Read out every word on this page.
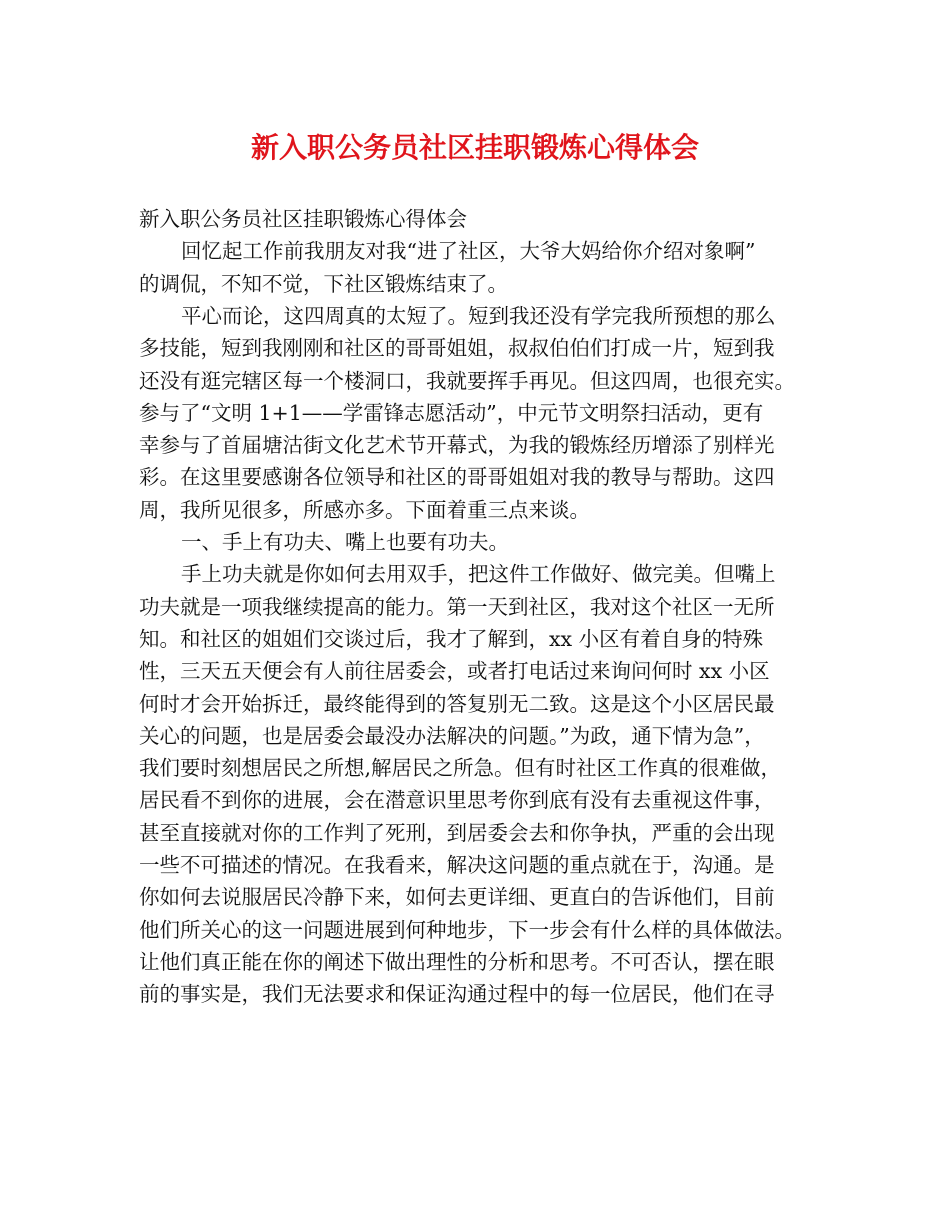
新入职公务员社区挂职锻炼心得体会
新入职公务员社区挂职锻炼心得体会
回忆起工作前我朋友对我“进了社区，大爷大妈给你介绍对象啊”
的调侃，不知不觉，下社区锻炼结束了。
平心而论，这四周真的太短了。短到我还没有学完我所预想的那么
多技能，短到我刚刚和社区的哥哥姐姐，叔叔伯伯们打成一片，短到我
还没有逛完辖区每一个楼洞口，我就要挥手再见。但这四周，也很充实。
参与了“文明 1+1——学雷锋志愿活动”，中元节文明祭扫活动，更有
幸参与了首届塘沽街文化艺术节开幕式，为我的锻炼经历增添了别样光
彩。在这里要感谢各位领导和社区的哥哥姐姐对我的教导与帮助。这四
周，我所见很多，所感亦多。下面着重三点来谈。
一、手上有功夫、嘴上也要有功夫。
手上功夫就是你如何去用双手，把这件工作做好、做完美。但嘴上
功夫就是一项我继续提高的能力。第一天到社区，我对这个社区一无所
知。和社区的姐姐们交谈过后，我才了解到，xx 小区有着自身的特殊
性，三天五天便会有人前往居委会，或者打电话过来询问何时 xx 小区
何时才会开始拆迁，最终能得到的答复别无二致。这是这个小区居民最
关心的问题，也是居委会最没办法解决的问题。”为政，通下情为急”，
我们要时刻想居民之所想,解居民之所急。但有时社区工作真的很难做，
居民看不到你的进展，会在潜意识里思考你到底有没有去重视这件事，
甚至直接就对你的工作判了死刑，到居委会去和你争执，严重的会出现
一些不可描述的情况。在我看来，解决这问题的重点就在于，沟通。是
你如何去说服居民冷静下来，如何去更详细、更直白的告诉他们，目前
他们所关心的这一问题进展到何种地步，下一步会有什么样的具体做法。
让他们真正能在你的阐述下做出理性的分析和思考。不可否认，摆在眼
前的事实是，我们无法要求和保证沟通过程中的每一位居民，他们在寻
